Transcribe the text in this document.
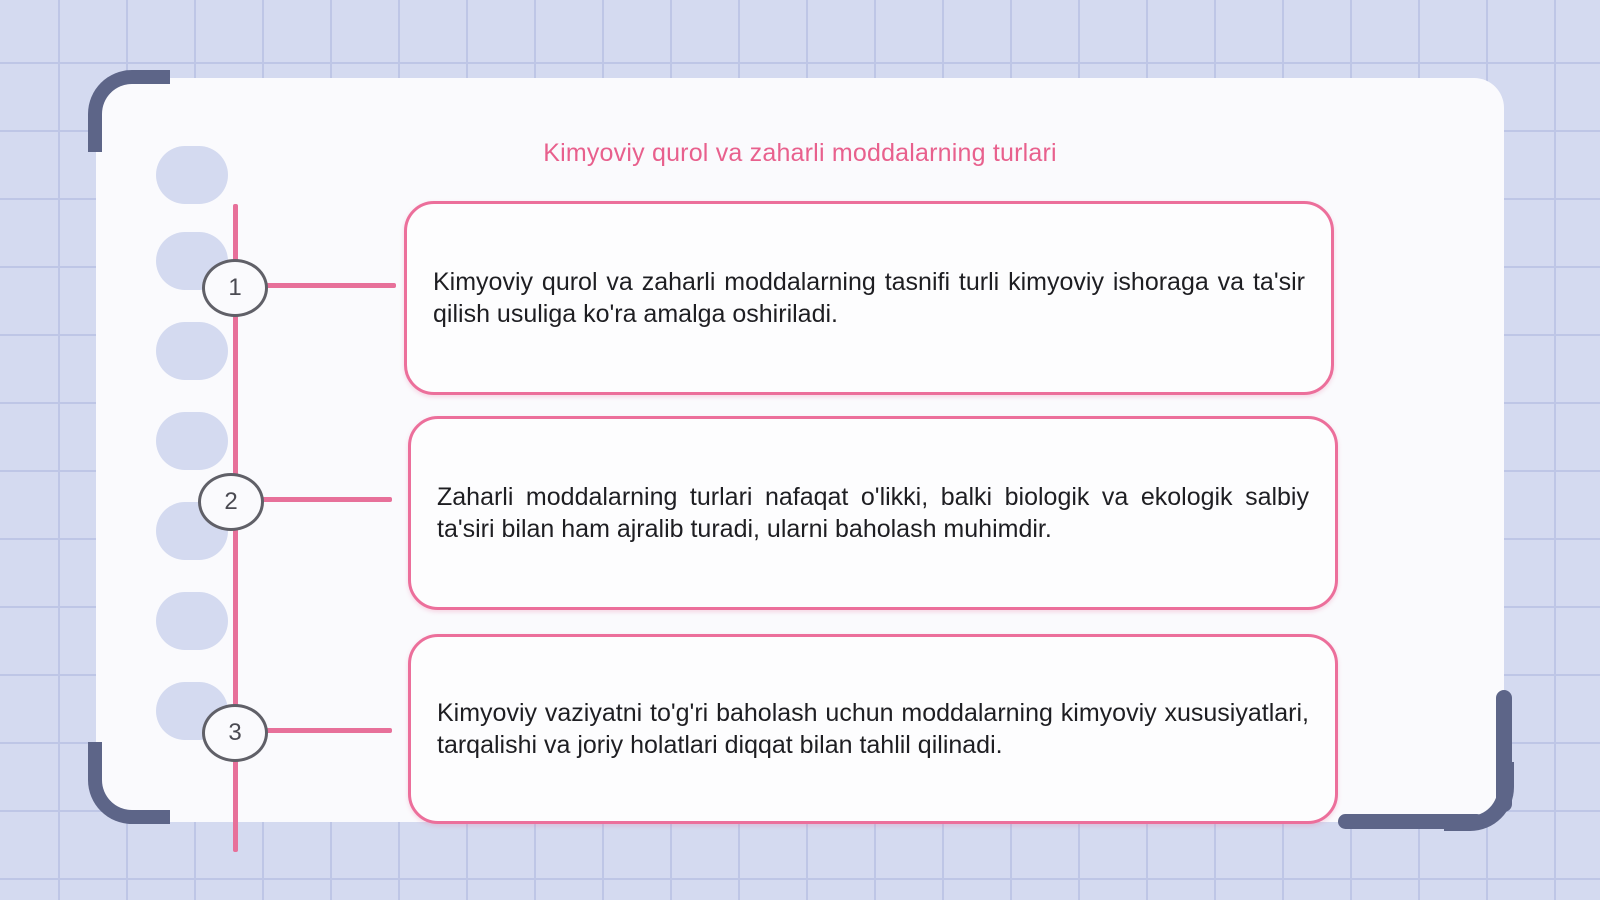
Kimyoviy qurol va zaharli moddalarning turlari
1	Kimyoviy qurol va zaharli moddalarning tasnifi turli kimyoviy ishoraga va ta'sir qilish usuliga ko'ra amalga oshiriladi.

2	Zaharli moddalarning turlari nafaqat o'likki, balki biologik va ekologik salbiy ta'siri bilan ham ajralib turadi, ularni baholash muhimdir.

3

Kimyoviy vaziyatni to'g'ri baholash uchun moddalarning kimyoviy xususiyatlari, tarqalishi va joriy holatlari diqqat bilan tahlil qilinadi.
